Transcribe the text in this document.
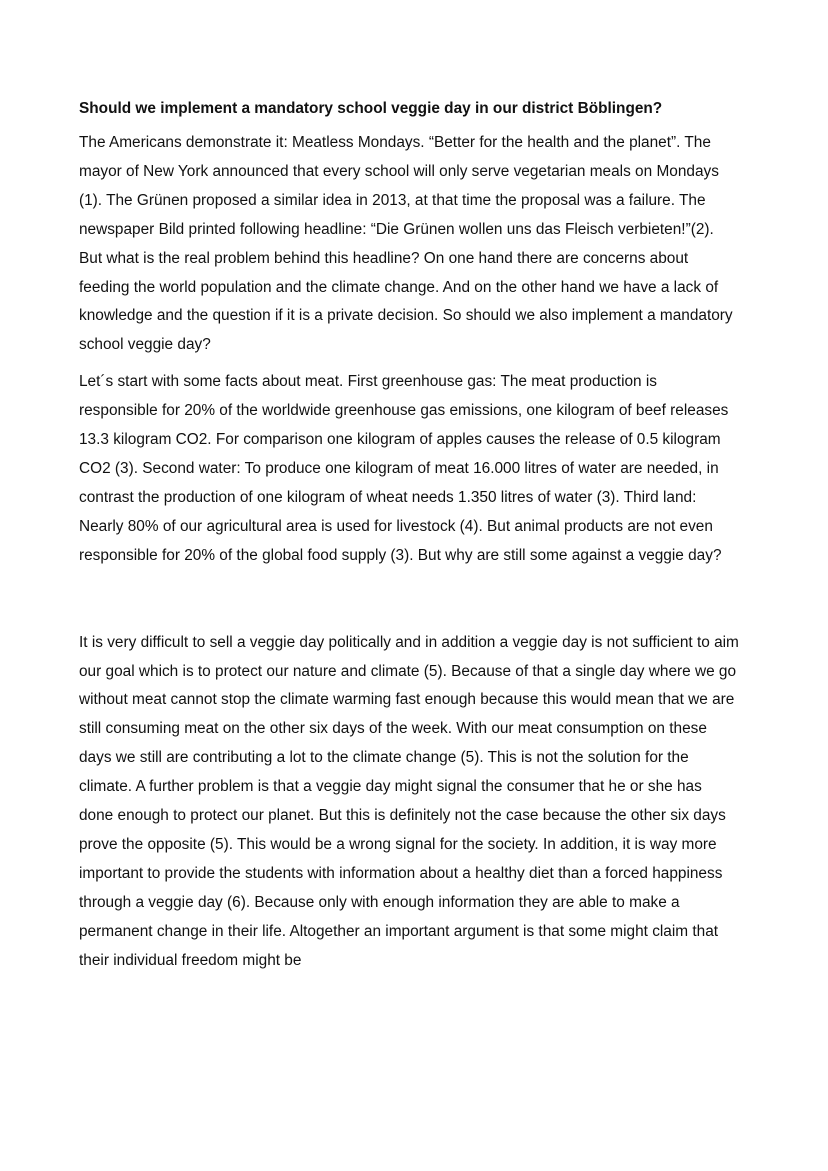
Should we implement a mandatory school veggie day in our district Böblingen?

The Americans demonstrate it: Meatless Mondays. “Better for the health and the planet”. The mayor of New York announced that every school will only serve vegetarian meals on Mondays (1). The Grünen proposed a similar idea in 2013, at that time the proposal was a failure. The newspaper Bild printed following headline: “Die Grünen wollen uns das Fleisch verbieten!”(2). But what is the real problem behind this headline? On one hand there are concerns about feeding the world population and the climate change. And on the other hand we have a lack of knowledge and the question if it is a private decision. So should we also implement a mandatory school veggie day?

Let´s start with some facts about meat. First greenhouse gas: The meat production is responsible for 20% of the worldwide greenhouse gas emissions, one kilogram of beef releases 13.3 kilogram CO2. For comparison one kilogram of apples causes the release of 0.5 kilogram CO2 (3). Second water: To produce one kilogram of meat 16.000 litres of water are needed, in contrast the production of one kilogram of wheat needs 1.350 litres of water (3). Third land: Nearly 80% of our agricultural area is used for livestock (4). But animal products are not even responsible for 20% of the global food supply (3). But why are still some against a veggie day?

It is very difficult to sell a veggie day politically and in addition a veggie day is not sufficient to aim our goal which is to protect our nature and climate (5). Because of that a single day where we go without meat cannot stop the climate warming fast enough because this would mean that we are still consuming meat on the other six days of the week. With our meat consumption on these days we still are contributing a lot to the climate change (5). This is not the solution for the climate. A further problem is that a veggie day might signal the consumer that he or she has done enough to protect our planet. But this is definitely not the case because the other six days prove the opposite (5). This would be a wrong signal for the society. In addition, it is way more important to provide the students with information about a healthy diet than a forced happiness through a veggie day (6). Because only with enough information they are able to make a permanent change in their life. Altogether an important argument is that some might claim that their individual freedom might be
